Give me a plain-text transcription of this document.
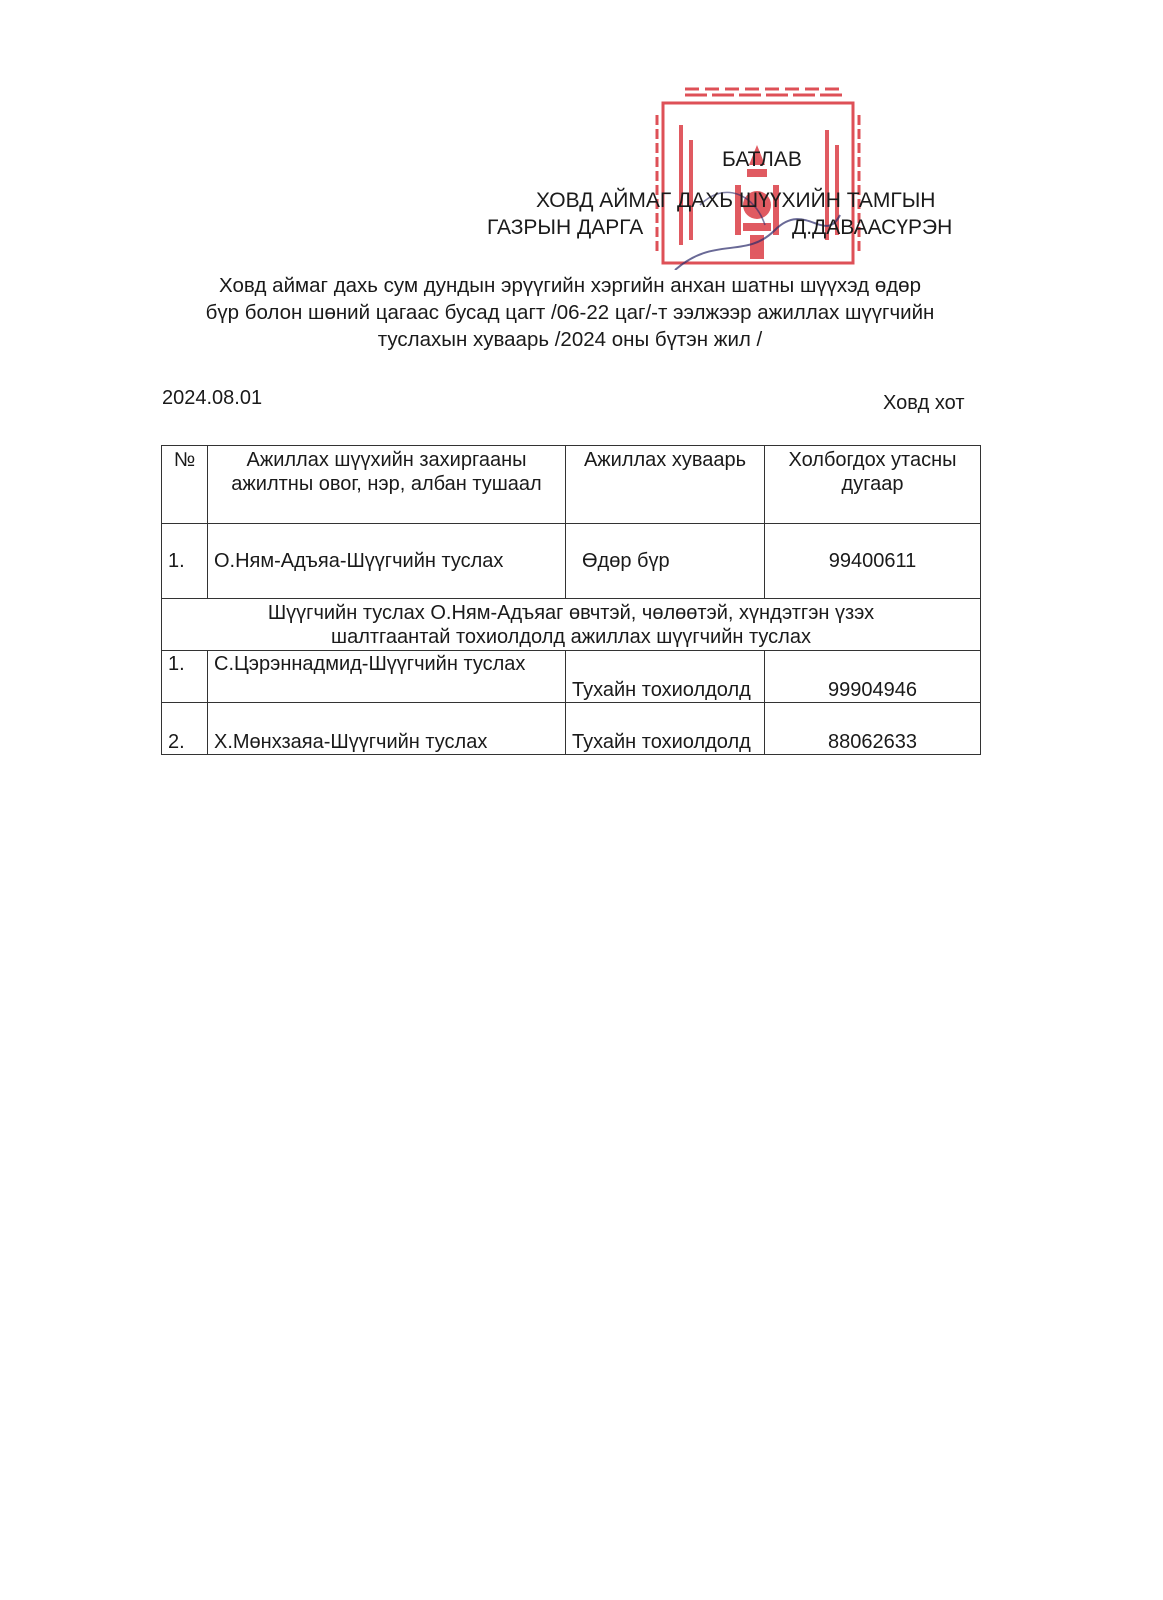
БАТЛАВ
ХОВД АЙМАГ ДАХЬ ШҮҮХИЙН ТАМГЫН
ГАЗРЫН ДАРГА	Д.ДАВААСҮРЭН
Ховд аймаг дахь сум дундын эрүүгийн хэргийн анхан шатны шүүхэд өдөр
бүр болон шөний цагаас бусад цагт /06-22 цаг/-т ээлжээр ажиллах шүүгчийн
туслахын хуваарь /2024 оны бүтэн жил /
2024.08.01	Ховд хот
№	Ажиллах шүүхийн захиргааны ажилтны овог, нэр, албан тушаал	Ажиллах хуваарь	Холбогдох утасны дугаар
1.	О.Ням-Адъяа-Шүүгчийн туслах	Өдөр бүр	99400611
Шүүгчийн туслах О.Ням-Адъяаг өвчтэй, чөлөөтэй, хүндэтгэн үзэх шалтгаантай тохиолдолд ажиллах шүүгчийн туслах			
1.	С.Цэрэннадмид-Шүүгчийн туслах	Тухайн тохиолдолд	99904946
2.	Х.Мөнхзаяа-Шүүгчийн туслах	Тухайн тохиолдолд	88062633
